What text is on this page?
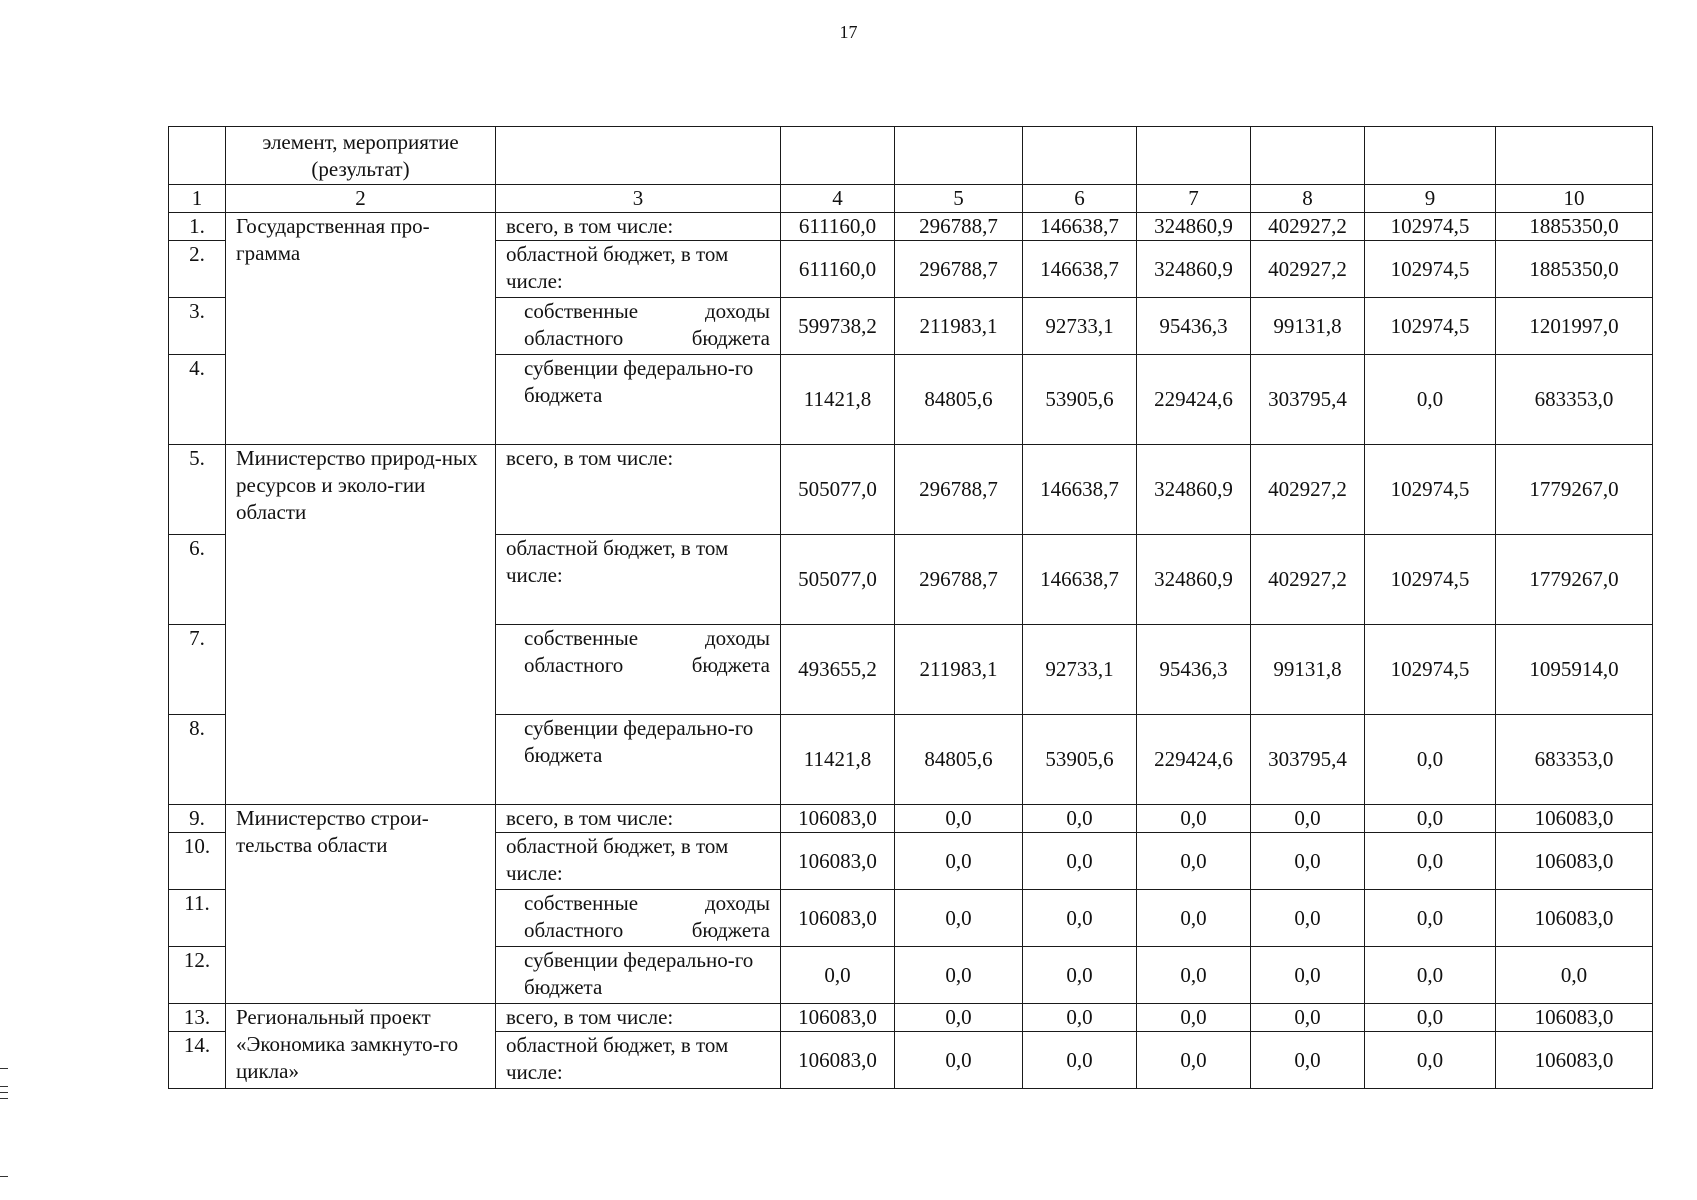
17

	элемент, мероприятие (результат)								

1	2	3	4	5	6	7	8	9	10
1.	Государственная про-грамма	всего, в том числе:	611160,0	296788,7	146638,7	324860,9	402927,2	102974,5	1885350,0
2.		областной бюджет, в том числе:	611160,0	296788,7	146638,7	324860,9	402927,2	102974,5	1885350,0
3.		собственные доходы областного бюджета	599738,2	211983,1	92733,1	95436,3	99131,8	102974,5	1201997,0
4.		субвенции федерально-го бюджета	11421,8	84805,6	53905,6	229424,6	303795,4	0,0	683353,0
5.	Министерство природ-ных ресурсов и эколо-гии области	всего, в том числе:	505077,0	296788,7	146638,7	324860,9	402927,2	102974,5	1779267,0
6.		областной бюджет, в том числе:	505077,0	296788,7	146638,7	324860,9	402927,2	102974,5	1779267,0
7.		собственные доходы областного бюджета	493655,2	211983,1	92733,1	95436,3	99131,8	102974,5	1095914,0
8.		субвенции федерально-го бюджета	11421,8	84805,6	53905,6	229424,6	303795,4	0,0	683353,0
9.	Министерство строи-тельства области	всего, в том числе:	106083,0	0,0	0,0	0,0	0,0	0,0	106083,0
10.		областной бюджет, в том числе:	106083,0	0,0	0,0	0,0	0,0	0,0	106083,0
11.		собственные доходы областного бюджета	106083,0	0,0	0,0	0,0	0,0	0,0	106083,0
12.		субвенции федерально-го бюджета	0,0	0,0	0,0	0,0	0,0	0,0	0,0
13.	Региональный проект «Экономика замкнуто-го цикла»	всего, в том числе:	106083,0	0,0	0,0	0,0	0,0	0,0	106083,0
14.		областной бюджет, в том числе:	106083,0	0,0	0,0	0,0	0,0	0,0	106083,0
